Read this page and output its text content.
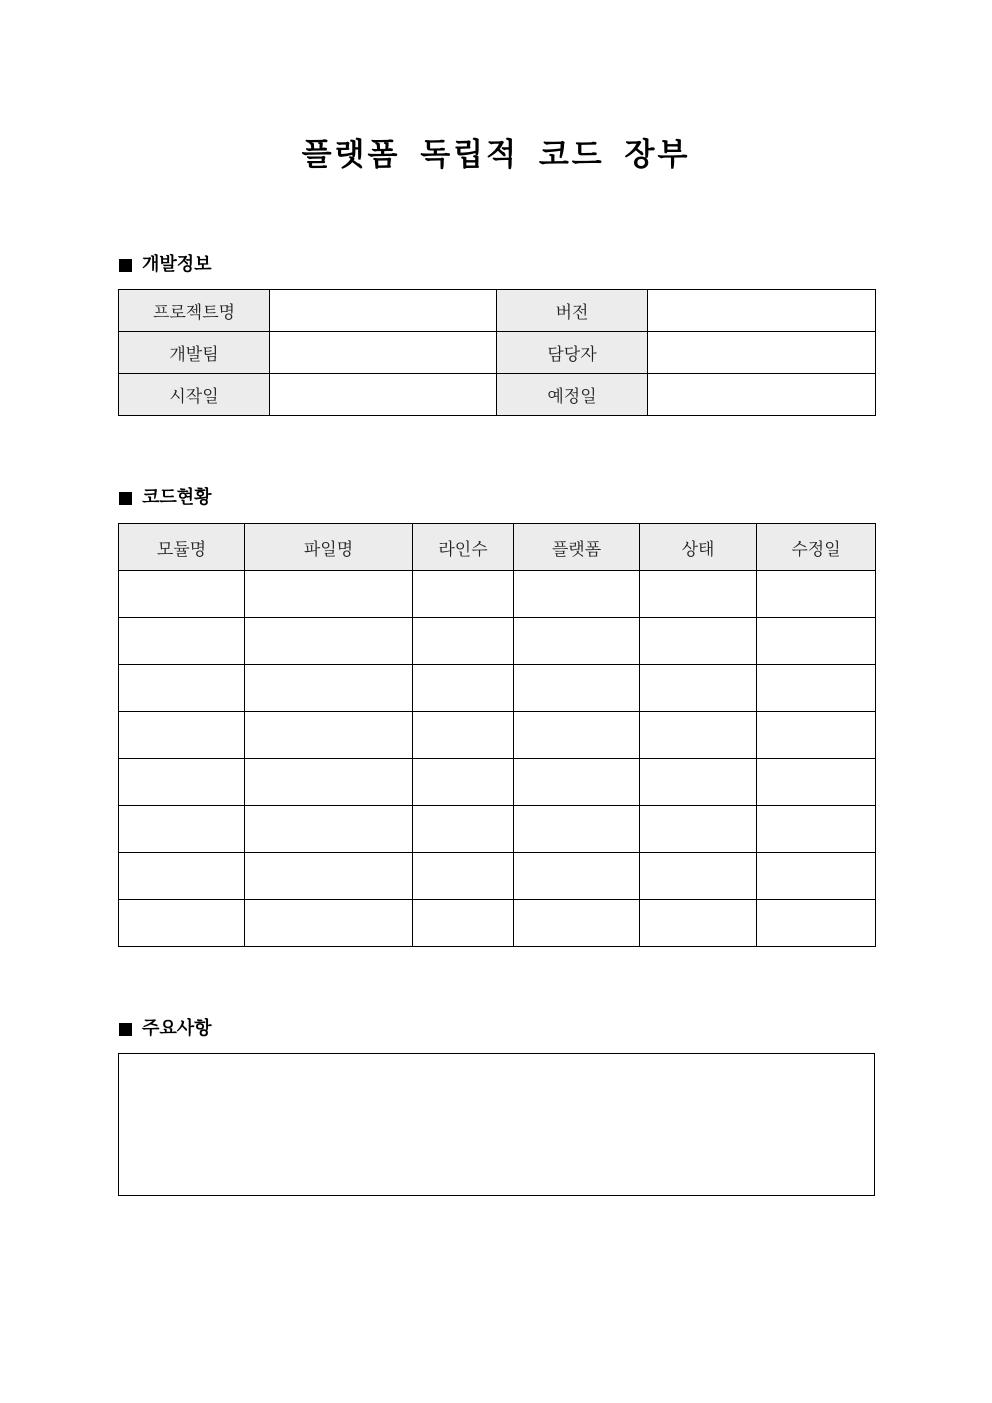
플랫폼 독립적 코드 장부
개발정보
프로젝트명		버전	
개발팀		담당자	
시작일		예정일	
코드현황
모듈명	파일명	라인수	플랫폼	상태	수정일

주요사항
